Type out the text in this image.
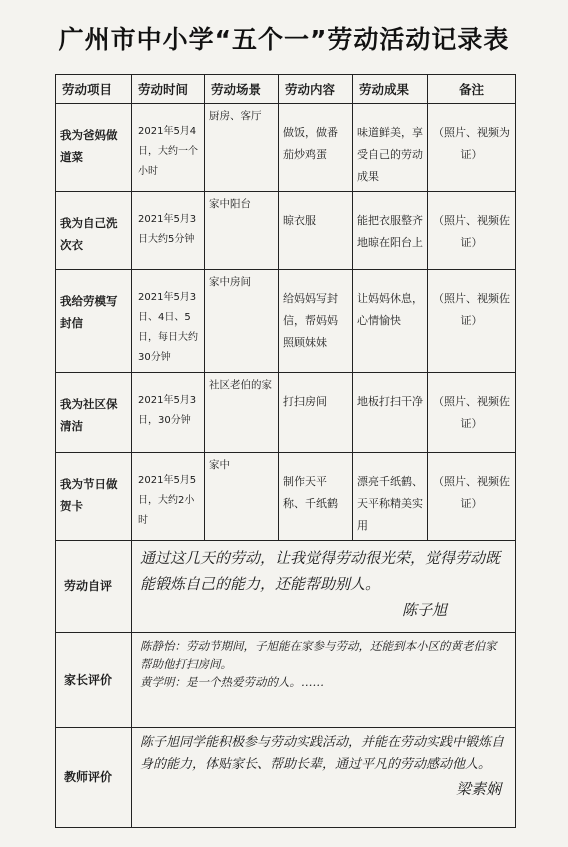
广州市中小学“五个一”劳动活动记录表
劳动项目	劳动时间	劳动场景	劳动内容	劳动成果	备注
我为爸妈做道菜	2021年5月4日，大约一个小时	厨房、客厅	做饭，做番茄炒鸡蛋	味道鲜美，享受自己的劳动成果	（照片、视频为证）
我为自己洗次衣	2021年5月3日大约5分钟	家中阳台	晾衣服	能把衣服整齐地晾在阳台上	（照片、视频佐证）
我给劳模写封信	2021年5月3日、4日、5日，每日大约30分钟	家中房间	给妈妈写封信，帮妈妈照顾妹妹	让妈妈休息，心情愉快	（照片、视频佐证）
我为社区保清洁	2021年5月3日，30分钟	社区老伯的家	打扫房间	地板打扫干净	（照片、视频佐证）
我为节日做贺卡	2021年5月5日，大约2小时	家中	制作天平称、千纸鹤	漂亮千纸鹤、天平称精美实用	（照片、视频佐证）
劳动自评	通过这几天的劳动，让我觉得劳动很光荣，觉得劳动既能锻炼自己的能力，还能帮助别人。
陈子旭				

家长评价	陈静怡：劳动节期间，子旭能在家参与劳动，还能到本小区的黄老伯家帮助他打扫房间。
黄学明：是一个热爱劳动的人。……				

教师评价	陈子旭同学能积极参与劳动实践活动，并能在劳动实践中锻炼自身的能力，体贴家长、帮助长辈，通过平凡的劳动感动他人。
梁素娴				
